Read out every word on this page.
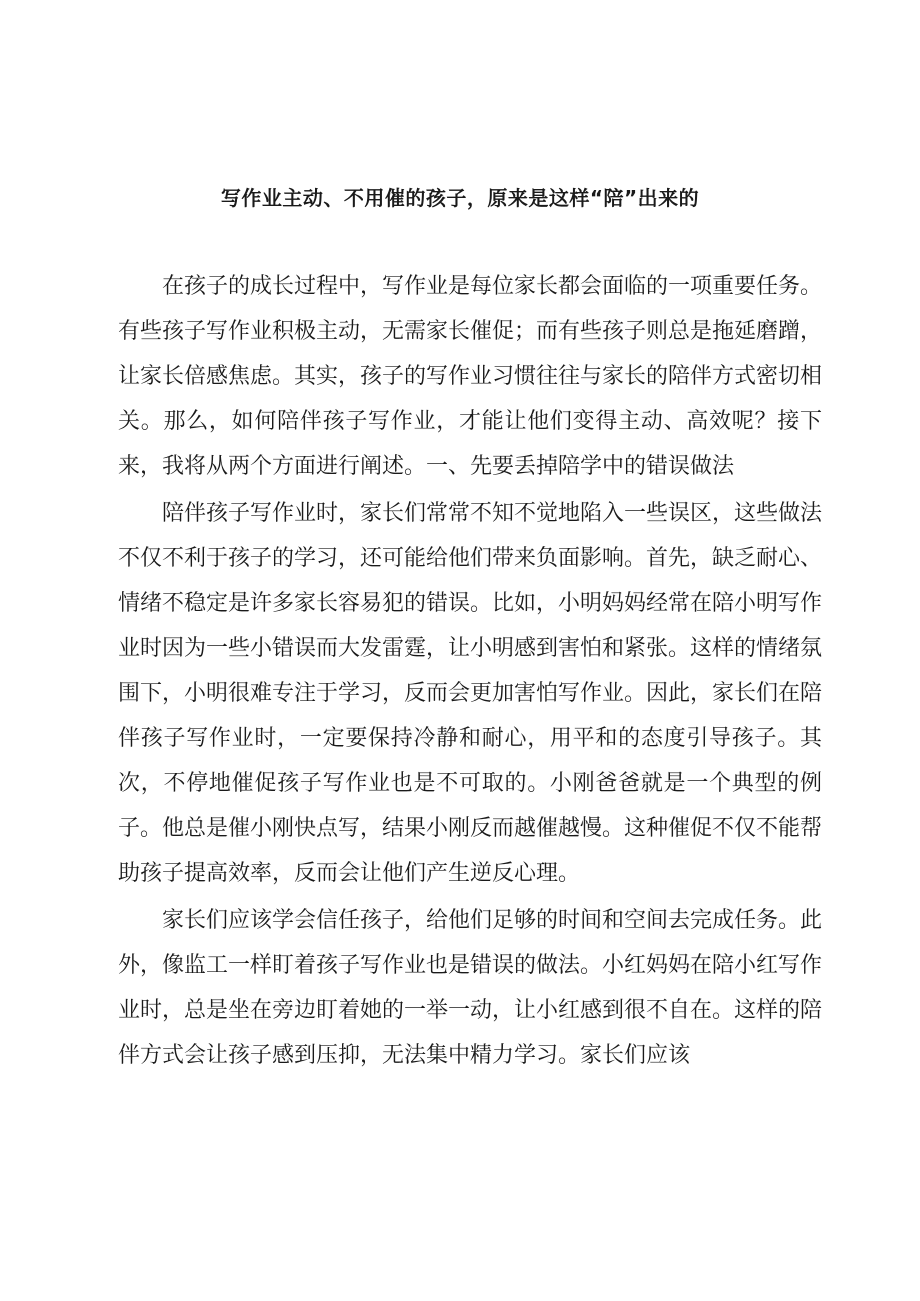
写作业主动、不用催的孩子，原来是这样“陪”出来的

在孩子的成长过程中，写作业是每位家长都会面临的一项重要任务。有些孩子写作业积极主动，无需家长催促；而有些孩子则总是拖延磨蹭，让家长倍感焦虑。其实，孩子的写作业习惯往往与家长的陪伴方式密切相关。那么，如何陪伴孩子写作业，才能让他们变得主动、高效呢？接下来，我将从两个方面进行阐述。一、先要丢掉陪学中的错误做法

陪伴孩子写作业时，家长们常常不知不觉地陷入一些误区，这些做法不仅不利于孩子的学习，还可能给他们带来负面影响。首先，缺乏耐心、情绪不稳定是许多家长容易犯的错误。比如，小明妈妈经常在陪小明写作业时因为一些小错误而大发雷霆，让小明感到害怕和紧张。这样的情绪氛围下，小明很难专注于学习，反而会更加害怕写作业。因此，家长们在陪伴孩子写作业时，一定要保持冷静和耐心，用平和的态度引导孩子。其次，不停地催促孩子写作业也是不可取的。小刚爸爸就是一个典型的例子。他总是催小刚快点写，结果小刚反而越催越慢。这种催促不仅不能帮助孩子提高效率，反而会让他们产生逆反心理。

家长们应该学会信任孩子，给他们足够的时间和空间去完成任务。此外，像监工一样盯着孩子写作业也是错误的做法。小红妈妈在陪小红写作业时，总是坐在旁边盯着她的一举一动，让小红感到很不自在。这样的陪伴方式会让孩子感到压抑，无法集中精力学习。家长们应该
